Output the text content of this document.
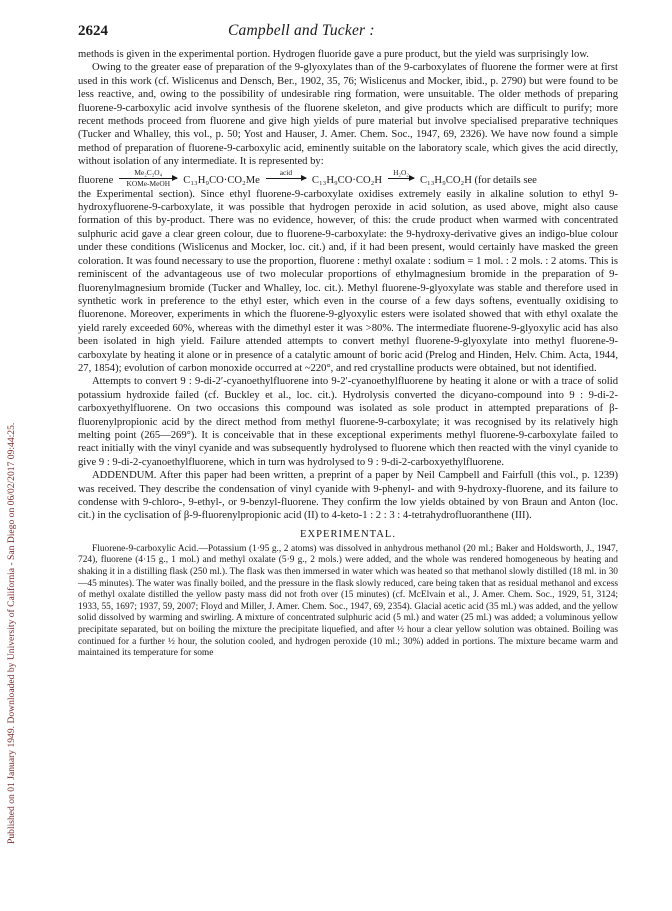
Published on 01 January 1949. Downloaded by University of California - San Diego on 06/02/2017 09:44:25.
2624	Campbell and Tucker :

methods is given in the experimental portion. Hydrogen fluoride gave a pure product, but the yield was surprisingly low.

Owing to the greater ease of preparation of the 9-glyoxylates than of the 9-carboxylates of fluorene the former were at first used in this work (cf. Wislicenus and Densch, Ber., 1902, 35, 76; Wislicenus and Mocker, ibid., p. 2790) but were found to be less reactive, and, owing to the possibility of undesirable ring formation, were unsuitable. The older methods of preparing fluorene-9-carboxylic acid involve synthesis of the fluorene skeleton, and give products which are difficult to purify; more recent methods proceed from fluorene and give high yields of pure material but involve specialised preparative techniques (Tucker and Whalley, this vol., p. 50; Yost and Hauser, J. Amer. Chem. Soc., 1947, 69, 2326). We have now found a simple method of preparation of fluorene-9-carboxylic acid, eminently suitable on the laboratory scale, which gives the acid directly, without isolation of any intermediate. It is represented by:

fluorene
Me₂C₂O₄
KOMe-MeOH	C₁₃H₉CO·CO₂Me
acid

C₁₃H₉CO·CO₂H
H₂O₂

C₁₃H₉CO₂H (for details see

the Experimental section). Since ethyl fluorene-9-carboxylate oxidises extremely easily in alkaline solution to ethyl 9-hydroxyfluorene-9-carboxylate, it was possible that hydrogen peroxide in acid solution, as used above, might also cause formation of this by-product. There was no evidence, however, of this: the crude product when warmed with concentrated sulphuric acid gave a clear green colour, due to fluorene-9-carboxylate: the 9-hydroxy-derivative gives an indigo-blue colour under these conditions (Wislicenus and Mocker, loc. cit.) and, if it had been present, would certainly have masked the green coloration. It was found necessary to use the proportion, fluorene : methyl oxalate : sodium = 1 mol. : 2 mols. : 2 atoms. This is reminiscent of the advantageous use of two molecular proportions of ethylmagnesium bromide in the preparation of 9-fluorenylmagnesium bromide (Tucker and Whalley, loc. cit.). Methyl fluorene-9-glyoxylate was stable and therefore used in synthetic work in preference to the ethyl ester, which even in the course of a few days softens, eventually oxidising to fluorenone. Moreover, experiments in which the fluorene-9-glyoxylic esters were isolated showed that with ethyl oxalate the yield rarely exceeded 60%, whereas with the dimethyl ester it was >80%. The intermediate fluorene-9-glyoxylic acid has also been isolated in high yield. Failure attended attempts to convert methyl fluorene-9-glyoxylate into methyl fluorene-9-carboxylate by heating it alone or in presence of a catalytic amount of boric acid (Prelog and Hinden, Helv. Chim. Acta, 1944, 27, 1854); evolution of carbon monoxide occurred at ~220°, and red crystalline products were obtained, but not identified.

Attempts to convert 9 : 9-di-2′-cyanoethylfluorene into 9-2′-cyanoethylfluorene by heating it alone or with a trace of solid potassium hydroxide failed (cf. Buckley et al., loc. cit.). Hydrolysis converted the dicyano-compound into 9 : 9-di-2-carboxyethylfluorene. On two occasions this compound was isolated as sole product in attempted preparations of β-fluorenylpropionic acid by the direct method from methyl fluorene-9-carboxylate; it was recognised by its relatively high melting point (265—269°). It is conceivable that in these exceptional experiments methyl fluorene-9-carboxylate failed to react initially with the vinyl cyanide and was subsequently hydrolysed to fluorene which then reacted with the vinyl cyanide to give 9 : 9-di-2-cyanoethylfluorene, which in turn was hydrolysed to 9 : 9-di-2-carboxyethylfluorene.

ADDENDUM. After this paper had been written, a preprint of a paper by Neil Campbell and Fairfull (this vol., p. 1239) was received. They describe the condensation of vinyl cyanide with 9-phenyl- and with 9-hydroxy-fluorene, and its failure to condense with 9-chloro-, 9-ethyl-, or 9-benzyl-fluorene. They confirm the low yields obtained by von Braun and Anton (loc. cit.) in the cyclisation of β-9-fluorenylpropionic acid (II) to 4-keto-1 : 2 : 3 : 4-tetrahydrofluoranthene (III).

EXPERIMENTAL.

Fluorene-9-carboxylic Acid.—Potassium (1·95 g., 2 atoms) was dissolved in anhydrous methanol (20 ml.; Baker and Holdsworth, J., 1947, 724), fluorene (4·15 g., 1 mol.) and methyl oxalate (5·9 g., 2 mols.) were added, and the whole was rendered homogeneous by heating and shaking it in a distilling flask (250 ml.). The flask was then immersed in water which was heated so that methanol slowly distilled (18 ml. in 30—45 minutes). The water was finally boiled, and the pressure in the flask slowly reduced, care being taken that as residual methanol and excess of methyl oxalate distilled the yellow pasty mass did not froth over (15 minutes) (cf. McElvain et al., J. Amer. Chem. Soc., 1929, 51, 3124; 1933, 55, 1697; 1937, 59, 2007; Floyd and Miller, J. Amer. Chem. Soc., 1947, 69, 2354). Glacial acetic acid (35 ml.) was added, and the yellow solid dissolved by warming and swirling. A mixture of concentrated sulphuric acid (5 ml.) and water (25 ml.) was added; a voluminous yellow precipitate separated, but on boiling the mixture the precipitate liquefied, and after ½ hour a clear yellow solution was obtained. Boiling was continued for a further ½ hour, the solution cooled, and hydrogen peroxide (10 ml.; 30%) added in portions. The mixture became warm and maintained its temperature for some
